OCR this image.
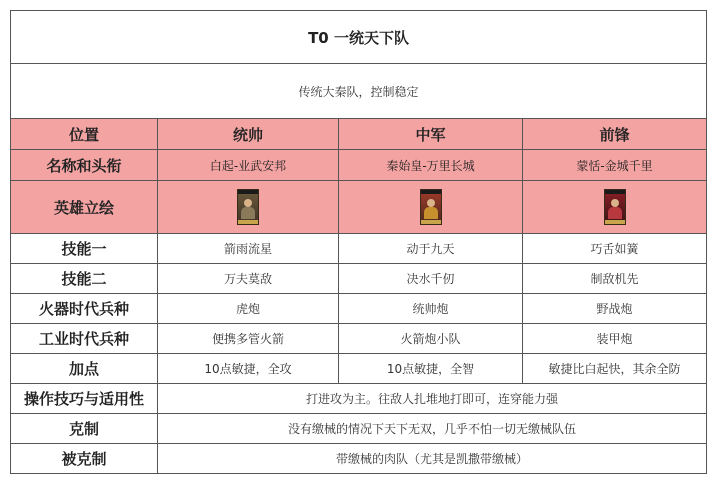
T0 一统天下队			
传统大秦队，控制稳定			
位置	统帅	中军	前锋
名称和头衔	白起-业武安邦	秦始皇-万里长城	蒙恬-金城千里
英雄立绘	

技能一	箭雨流星	动于九天	巧舌如簧
技能二	万夫莫敌	决水千仞	制敌机先
火器时代兵种	虎炮	统帅炮	野战炮
工业时代兵种	便携多管火箭	火箭炮小队	装甲炮
加点	10点敏捷，全攻	10点敏捷，全智	敏捷比白起快，其余全防
操作技巧与适用性	打进攻为主。往敌人扎堆地打即可，连穿能力强		
克制	没有缴械的情况下天下无双，几乎不怕一切无缴械队伍		
被克制	带缴械的肉队（尤其是凯撒带缴械）		
